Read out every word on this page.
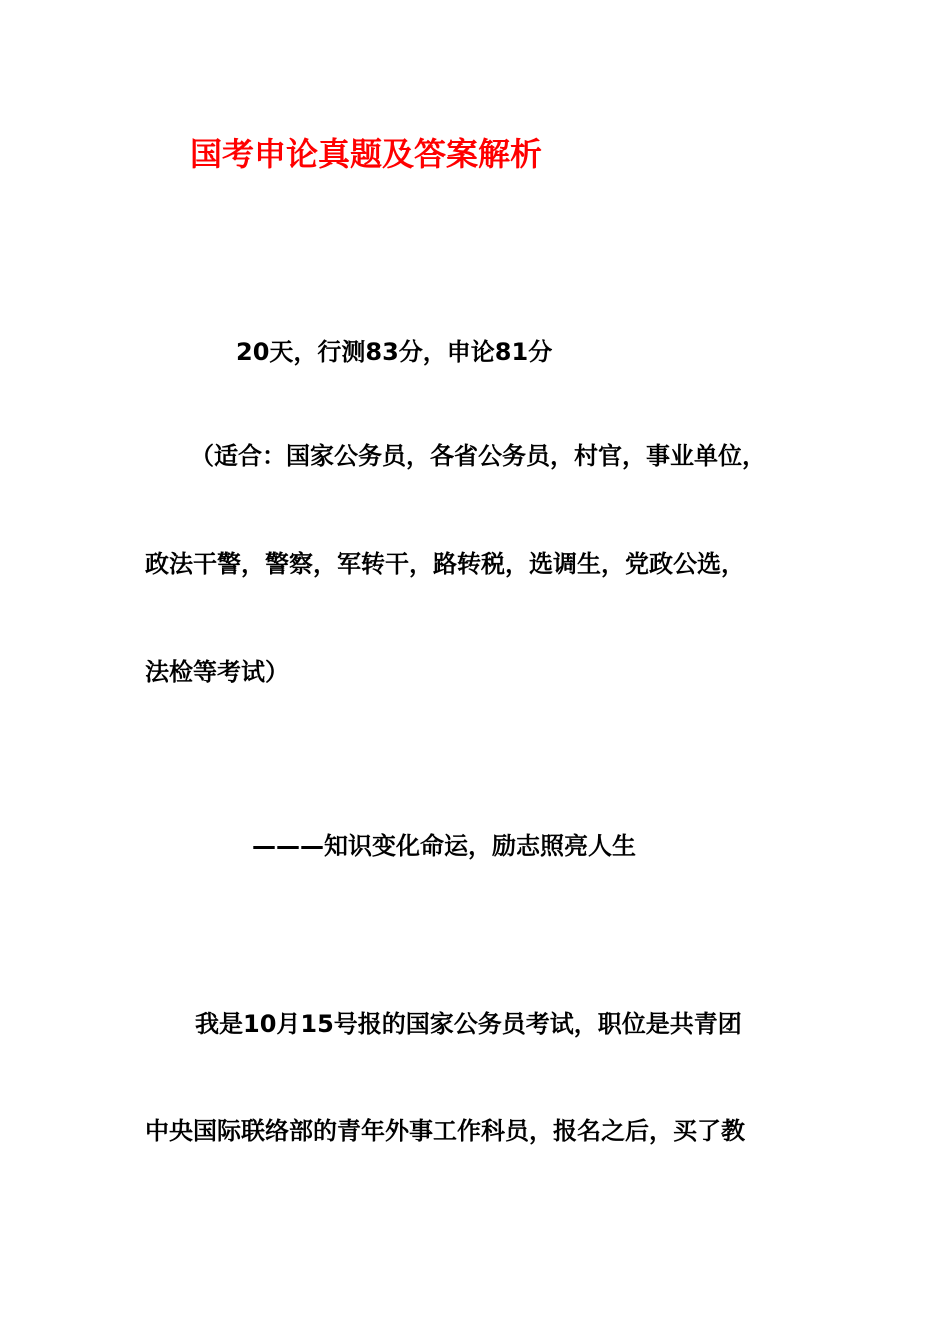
国考申论真题及答案解析
20天，行测83分，申论81分
（适合：国家公务员，各省公务员，村官，事业单位，
政法干警，警察，军转干，路转税，选调生，党政公选，
法检等考试）
———知识变化命运，励志照亮人生
我是10月15号报的国家公务员考试，职位是共青团
中央国际联络部的青年外事工作科员，报名之后，买了教
